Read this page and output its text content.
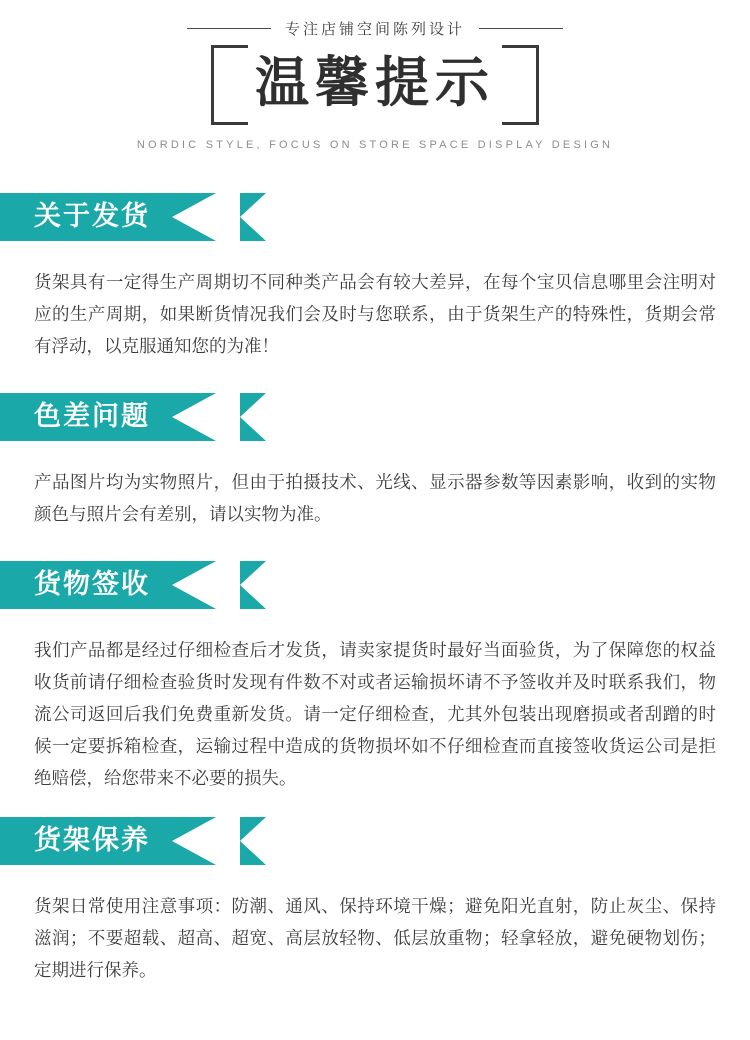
专注店铺空间陈列设计
温馨提示
NORDIC STYLE, FOCUS ON STORE SPACE DISPLAY DESIGN
关于发货
货架具有一定得生产周期切不同种类产品会有较大差异，在每个宝贝信息哪里会注明对应的生产周期，如果断货情况我们会及时与您联系，由于货架生产的特殊性，货期会常有浮动，以克服通知您的为准！
色差问题
产品图片均为实物照片，但由于拍摄技术、光线、显示器参数等因素影响，收到的实物颜色与照片会有差别，请以实物为准。
货物签收
我们产品都是经过仔细检查后才发货，请卖家提货时最好当面验货，为了保障您的权益收货前请仔细检查验货时发现有件数不对或者运输损坏请不予签收并及时联系我们，物流公司返回后我们免费重新发货。请一定仔细检查，尤其外包装出现磨损或者刮蹭的时候一定要拆箱检查，运输过程中造成的货物损坏如不仔细检查而直接签收货运公司是拒绝赔偿，给您带来不必要的损失。
货架保养
货架日常使用注意事项：防潮、通风、保持环境干燥；避免阳光直射，防止灰尘、保持滋润；不要超载、超高、超宽、高层放轻物、低层放重物；轻拿轻放，避免硬物划伤；定期进行保养。
